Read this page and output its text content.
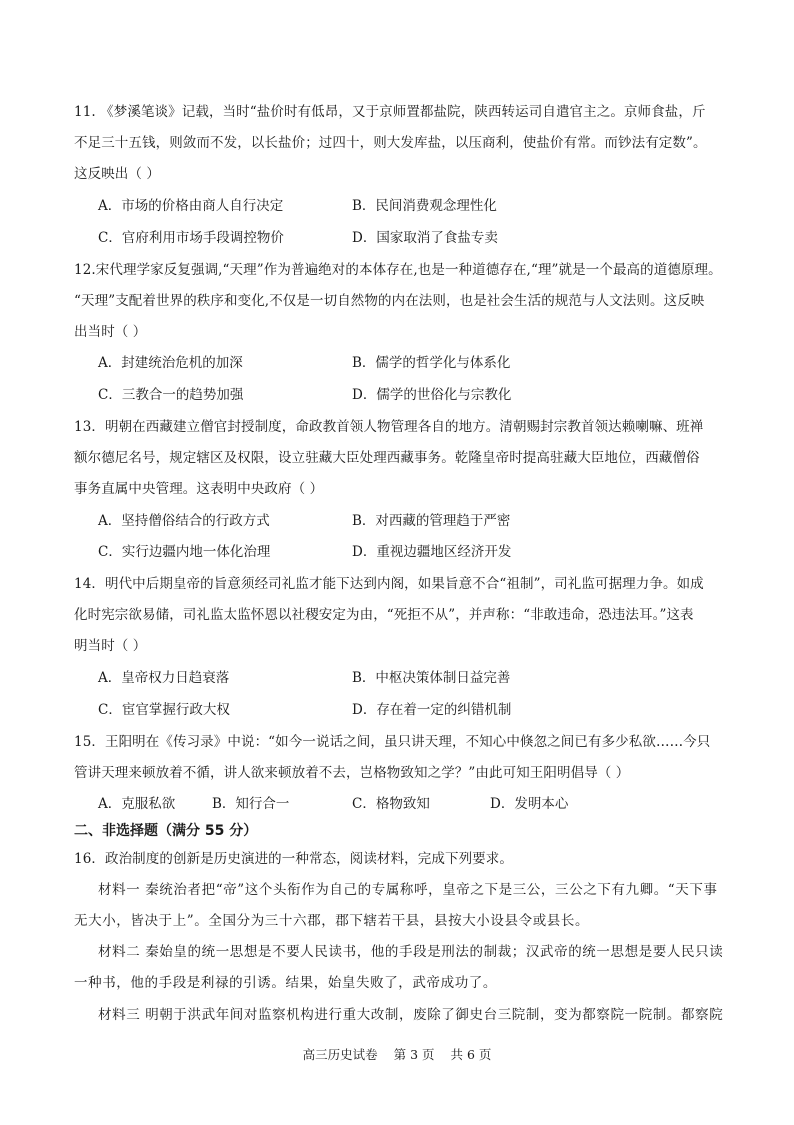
11. 《梦溪笔谈》记载，当时“盐价时有低昂，又于京师置都盐院，陕西转运司自遣官主之。京师食盐，斤
不足三十五钱，则敛而不发，以长盐价；过四十，则大发库盐，以压商利，使盐价有常。而钞法有定数”。
这反映出（ ）
A．市场的价格由商人自行决定	B．民间消费观念理性化
C．官府利用市场手段调控物价	D．国家取消了食盐专卖
12.宋代理学家反复强调,“天理”作为普遍绝对的本体存在,也是一种道德存在,“理”就是一个最高的道德原理。
“天理”支配着世界的秩序和变化,不仅是一切自然物的内在法则，也是社会生活的规范与人文法则。这反映
出当时（ ）
A．封建统治危机的加深	B．儒学的哲学化与体系化
C．三教合一的趋势加强	D．儒学的世俗化与宗教化
13．明朝在西藏建立僧官封授制度，命政教首领人物管理各自的地方。清朝赐封宗教首领达赖喇嘛、班禅
额尔德尼名号，规定辖区及权限，设立驻藏大臣处理西藏事务。乾隆皇帝时提高驻藏大臣地位，西藏僧俗
事务直属中央管理。这表明中央政府（ ）
A．坚持僧俗结合的行政方式	B．对西藏的管理趋于严密
C．实行边疆内地一体化治理	D．重视边疆地区经济开发
14．明代中后期皇帝的旨意须经司礼监才能下达到内阁，如果旨意不合“祖制”，司礼监可据理力争。如成
化时宪宗欲易储，司礼监太监怀恩以社稷安定为由，“死拒不从”，并声称：“非敢违命，恐违法耳。”这表
明当时（ ）
A．皇帝权力日趋衰落	B．中枢决策体制日益完善
C．宦官掌握行政大权	D．存在着一定的纠错机制
15．王阳明在《传习录》中说：“如今一说话之间，虽只讲天理，不知心中倏忽之间已有多少私欲……今只
管讲天理来顿放着不循，讲人欲来顿放着不去，岂格物致知之学？”由此可知王阳明倡导（ ）
A．克服私欲	B．知行合一	C．格物致知	D．发明本心
二、非选择题（满分 55 分）
16．政治制度的创新是历史演进的一种常态，阅读材料，完成下列要求。
材料一 秦统治者把“帝”这个头衔作为自己的专属称呼，皇帝之下是三公，三公之下有九卿。“天下事
无大小，皆决于上”。全国分为三十六郡，郡下辖若干县，县按大小设县令或县长。
材料二 秦始皇的统一思想是不要人民读书，他的手段是刑法的制裁；汉武帝的统一思想是要人民只读
一种书，他的手段是利禄的引诱。结果，始皇失败了，武帝成功了。
材料三 明朝于洪武年间对监察机构进行重大改制，废除了御史台三院制，变为都察院一院制。都察院
高三历史试卷 第 3 页 共 6 页
